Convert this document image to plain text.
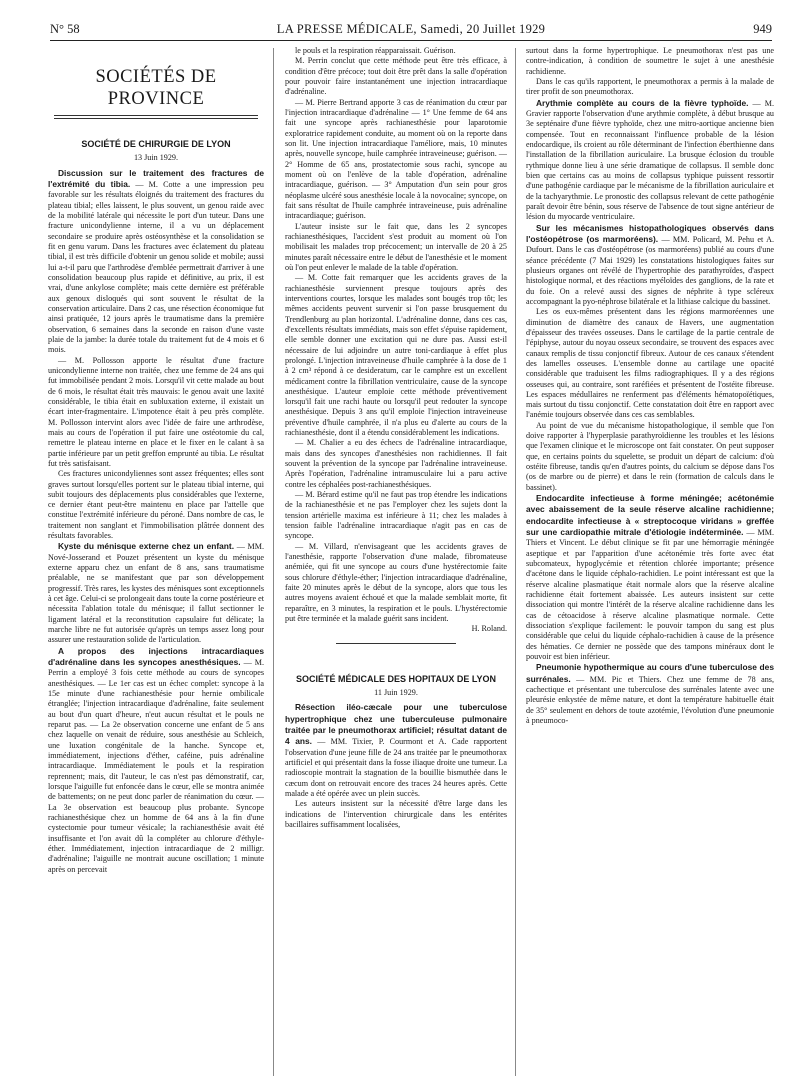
N° 58	LA PRESSE MÉDICALE, Samedi, 20 Juillet 1929	949
SOCIÉTÉS DE PROVINCE
SOCIÉTÉ DE CHIRURGIE DE LYON
13 Juin 1929.

Discussion sur le traitement des fractures de l'extrémité du tibia. — M. Cotte a une impression peu favorable sur les résultats éloignés du traitement des fractures du plateau tibial; elles laissent, le plus souvent, un genou raide avec de la mobilité latérale qui nécessite le port d'un tuteur. Dans une fracture unicondylienne interne, il a vu un déplacement secondaire se produire après ostéosynthèse et la consolidation se fit en genu varum. Dans les fractures avec éclatement du plateau tibial, il est très difficile d'obtenir un genou solide et mobile; aussi lui a-t-il paru que l'arthrodèse d'emblée permettrait d'arriver à une consolidation beaucoup plus rapide et définitive, au prix, il est vrai, d'une ankylose complète; mais cette dernière est préférable aux genoux disloqués qui sont souvent le résultat de la conservation articulaire. Dans 2 cas, une résection économique fut ainsi pratiquée, 12 jours après le traumatisme dans la première observation, 6 semaines dans la seconde en raison d'une vaste plaie de la jambe: la durée totale du traitement fut de 4 mois et 6 mois.

— M. Pollosson apporte le résultat d'une fracture unicondylienne interne non traitée, chez une femme de 24 ans qui fut immobilisée pendant 2 mois. Lorsqu'il vit cette malade au bout de 6 mois, le résultat était très mauvais: le genou avait une laxité considérable, le tibia était en subluxation externe, il existait un écart inter-fragmentaire. L'impotence était à peu près complète. M. Pollosson intervint alors avec l'idée de faire une arthrodèse, mais au cours de l'opération il put faire une ostéotomie du cal, remettre le plateau interne en place et le fixer en le calant à sa partie inférieure par un petit greffon emprunté au tibia. Le résultat fut très satisfaisant.

Ces fractures unicondyliennes sont assez fréquentes; elles sont graves surtout lorsqu'elles portent sur le plateau tibial interne, qui subit toujours des déplacements plus considérables que l'externe, ce dernier étant peut-être maintenu en place par l'attelle que constitue l'extrémité inférieure du péroné. Dans nombre de cas, le traitement non sanglant et l'immobilisation plâtrée donnent des résultats favorables.

Kyste du ménisque externe chez un enfant. — MM. Nové-Josserand et Pouzet présentent un kyste du ménisque externe apparu chez un enfant de 8 ans, sans traumatisme préalable, ne se manifestant que par son développement progressif. Très rares, les kystes des ménisques sont exceptionnels à cet âge. Celui-ci se prolongeait dans toute la corne postérieure et nécessita l'ablation totale du ménisque; il fallut sectionner le ligament latéral et la reconstitution capsulaire fut délicate; la marche libre ne fut autorisée qu'après un temps assez long pour assurer une restauration solide de l'articulation.

A propos des injections intracardiaques d'adrénaline dans les syncopes anesthésiques. — M. Perrin a employé 3 fois cette méthode au cours de syncopes anesthésiques. — Le 1er cas est un échec complet: syncope à la 15e minute d'une rachianesthésie pour hernie ombilicale étranglée; l'injection intracardiaque d'adrénaline, faite seulement au bout d'un quart d'heure, n'eut aucun résultat et le pouls ne reparut pas. — La 2e observation concerne une enfant de 5 ans chez laquelle on venait de réduire, sous anesthésie au Schleich, une luxation congénitale de la hanche. Syncope et, immédiatement, injections d'éther, caféine, puis adrénaline intracardiaque. Immédiatement le pouls et la respiration reprennent; mais, dit l'auteur, le cas n'est pas démonstratif, car, lorsque l'aiguille fut enfoncée dans le cœur, elle se montra animée de battements; on ne peut donc parler de réanimation du cœur. — La 3e observation est beaucoup plus probante. Syncope rachianesthésique chez un homme de 64 ans à la fin d'une cystectomie pour tumeur vésicale; la rachianesthésie avait été insuffisante et l'on avait dû la compléter au chlorure d'éthyle-éther. Immédiatement, injection intracardiaque de 2 milligr. d'adrénaline; l'aiguille ne montrait aucune oscillation; 1 minute après on percevait

le pouls et la respiration réapparaissait. Guérison.

M. Perrin conclut que cette méthode peut être très efficace, à condition d'être précoce; tout doit être prêt dans la salle d'opération pour pouvoir faire instantanément une injection intracardiaque d'adrénaline.

— M. Pierre Bertrand apporte 3 cas de réanimation du cœur par l'injection intracardiaque d'adrénaline — 1° Une femme de 64 ans fait une syncope après rachianesthésie pour laparotomie exploratrice rapidement conduite, au moment où on la reporte dans son lit. Une injection intracardiaque l'améliore, mais, 10 minutes après, nouvelle syncope, huile camphrée intraveineuse; guérison. — 2° Homme de 65 ans, prostatectomie sous rachi, syncope au moment où on l'enlève de la table d'opération, adrénaline intracardiaque, guérison. — 3° Amputation d'un sein pour gros néoplasme ulcéré sous anesthésie locale à la novocaïne; syncope, on fait sans résultat de l'huile camphrée intraveineuse, puis adrénaline intracardiaque; guérison.

L'auteur insiste sur le fait que, dans les 2 syncopes rachianesthésiques, l'accident s'est produit au moment où l'on mobilisait les malades trop précocement; un intervalle de 20 à 25 minutes paraît nécessaire entre le début de l'anesthésie et le moment où l'on peut enlever le malade de la table d'opération.

— M. Cotte fait remarquer que les accidents graves de la rachianesthésie surviennent presque toujours après des interventions courtes, lorsque les malades sont bougés trop tôt; les mêmes accidents peuvent survenir si l'on passe brusquement du Trendlenburg au plan horizontal. L'adrénaline donne, dans ces cas, d'excellents résultats immédiats, mais son effet s'épuise rapidement, elle semble donner une excitation qui ne dure pas. Aussi est-il nécessaire de lui adjoindre un autre toni-cardiaque à effet plus prolongé. L'injection intraveineuse d'huile camphrée à la dose de 1 à 2 cm³ répond à ce desideratum, car le camphre est un excellent médicament contre la fibrillation ventriculaire, cause de la syncope anesthésique. L'auteur emploie cette méthode préventivement lorsqu'il fait une rachi haute ou lorsqu'il peut redouter la syncope anesthésique. Depuis 3 ans qu'il emploie l'injection intraveineuse préventive d'huile camphrée, il n'a plus eu d'alerte au cours de la rachianesthésie, dont il a étendu considérablement les indications.

— M. Chalier a eu des échecs de l'adrénaline intracardiaque, mais dans des syncopes d'anesthésies non rachidiennes. Il fait souvent la prévention de la syncope par l'adrénaline intraveineuse. Après l'opération, l'adrénaline intramusculaire lui a paru active contre les céphalées post-rachianesthésiques.

— M. Bérard estime qu'il ne faut pas trop étendre les indications de la rachianesthésie et ne pas l'employer chez les sujets dont la tension artérielle maxima est inférieure à 11; chez les malades à tension faible l'adrénaline intracardiaque n'agit pas en cas de syncope.

— M. Villard, n'envisageant que les accidents graves de l'anesthésie, rapporte l'observation d'une malade, fibromateuse anémiée, qui fit une syncope au cours d'une hystérectomie faite sous chlorure d'éthyle-éther; l'injection intracardiaque d'adrénaline, faite 20 minutes après le début de la syncope, alors que tous les autres moyens avaient échoué et que la malade semblait morte, fit reparaître, en 3 minutes, la respiration et le pouls. L'hystérectomie put être terminée et la malade guérit sans incident.

H. Roland.

SOCIÉTÉ MÉDICALE DES HOPITAUX DE LYON
11 Juin 1929.

Résection iléo-cæcale pour une tuberculose hypertrophique chez une tuberculeuse pulmonaire traitée par le pneumothorax artificiel; résultat datant de 4 ans. — MM. Tixier, P. Courmont et A. Cade rapportent l'observation d'une jeune fille de 24 ans traitée par le pneumothorax artificiel et qui présentait dans la fosse iliaque droite une tumeur. La radioscopie montrait la stagnation de la bouillie bismuthée dans le cæcum dont on retrouvait encore des traces 24 heures après. Cette malade a été opérée avec un plein succès.

Les auteurs insistent sur la nécessité d'être large dans les indications de l'intervention chirurgicale dans les entérites bacillaires suffisamment localisées,

surtout dans la forme hypertrophique. Le pneumothorax n'est pas une contre-indication, à condition de soumettre le sujet à une anesthésie rachidienne.

Dans le cas qu'ils rapportent, le pneumothorax a permis à la malade de tirer profit de son pneumothorax.

Arythmie complète au cours de la fièvre typhoïde. — M. Gravier rapporte l'observation d'une arythmie complète, à début brusque au 3e septénaire d'une fièvre typhoïde, chez une mitro-aortique ancienne bien compensée. Tout en reconnaissant l'influence probable de la lésion endocardique, ils croient au rôle déterminant de l'infection éberthienne dans l'installation de la fibrillation auriculaire. La brusque éclosion du trouble rythmique donne lieu à une série dramatique de collapsus. Il semble donc bien que certains cas au moins de collapsus typhique puissent ressortir d'une pathogénie cardiaque par le mécanisme de la fibrillation auriculaire et de la tachyarythmie. Le pronostic des collapsus relevant de cette pathogénie paraît devoir être bénin, sous réserve de l'absence de tout signe antérieur de lésion du myocarde ventriculaire.

Sur les mécanismes histopathologiques observés dans l'ostéopétrose (os marmoréens). — MM. Policard, M. Pehu et A. Dufourt. Dans le cas d'ostéopétrose (os marmoréens) publié au cours d'une séance précédente (7 Mai 1929) les constatations histologiques faites sur plusieurs organes ont révélé de l'hypertrophie des parathyroïdes, d'aspect histologique normal, et des réactions myéloïdes des ganglions, de la rate et du foie. On a relevé aussi des signes de néphrite à type scléreux accompagnant la pyo-néphrose bilatérale et la lithiase calcique du bassinet.

Les os eux-mêmes présentent dans les régions marmoréennes une diminution de diamètre des canaux de Havers, une augmentation d'épaisseur des travées osseuses. Dans le cartilage de la partie centrale de l'épiphyse, autour du noyau osseux secondaire, se trouvent des espaces avec canaux remplis de tissu conjonctif fibreux. Autour de ces canaux s'étendent des lamelles osseuses. L'ensemble donne au cartilage une opacité considérable que traduisent les films radiographiques. Il y a des régions osseuses qui, au contraire, sont raréfiées et présentent de l'ostéite fibreuse. Les espaces médullaires ne renferment pas d'éléments hématopoïétiques, mais surtout du tissu conjonctif. Cette constatation doit être en rapport avec l'anémie toujours observée dans ces cas semblables.

Au point de vue du mécanisme histopathologique, il semble que l'on doive rapporter à l'hyperplasie parathyroïdienne les troubles et les lésions que l'examen clinique et le microscope ont fait constater. On peut supposer que, en certains points du squelette, se produit un départ de calcium: d'où ostéite fibreuse, tandis qu'en d'autres points, du calcium se dépose dans l'os (os de marbre ou de pierre) et dans le rein (formation de calculs dans le bassinet).

Endocardite infectieuse à forme méningée; acétonémie avec abaissement de la seule réserve alcaline rachidienne; endocardite infectieuse à « streptocoque viridans » greffée sur une cardiopathie mitrale d'étiologie indéterminée. — MM. Thiers et Vincent. Le début clinique se fit par une hémorragie méningée aseptique et par l'apparition d'une acétonémie très forte avec état subcomateux, hypoglycémie et rétention chlorée importante; présence d'acétone dans le liquide céphalo-rachidien. Le point intéressant est que la réserve alcaline plasmatique était normale alors que la réserve alcaline rachidienne était fortement abaissée. Les auteurs insistent sur cette dissociation qui montre l'intérêt de la réserve alcaline rachidienne dans les cas de cétoacidose à réserve alcaline plasmatique normale. Cette dissociation s'explique facilement: le pouvoir tampon du sang est plus considérable que celui du liquide céphalo-rachidien à cause de la présence des hématies. Ce dernier ne possède que des tampons minéraux dont le pouvoir est bien inférieur.

Pneumonie hypothermique au cours d'une tuberculose des surrénales. — MM. Pic et Thiers. Chez une femme de 78 ans, cachectique et présentant une tuberculose des surrénales latente avec une pleurésie enkystée de même nature, et dont la température habituelle était de 35° seulement en dehors de toute azotémie, l'évolution d'une pneumonie à pneumoco-
